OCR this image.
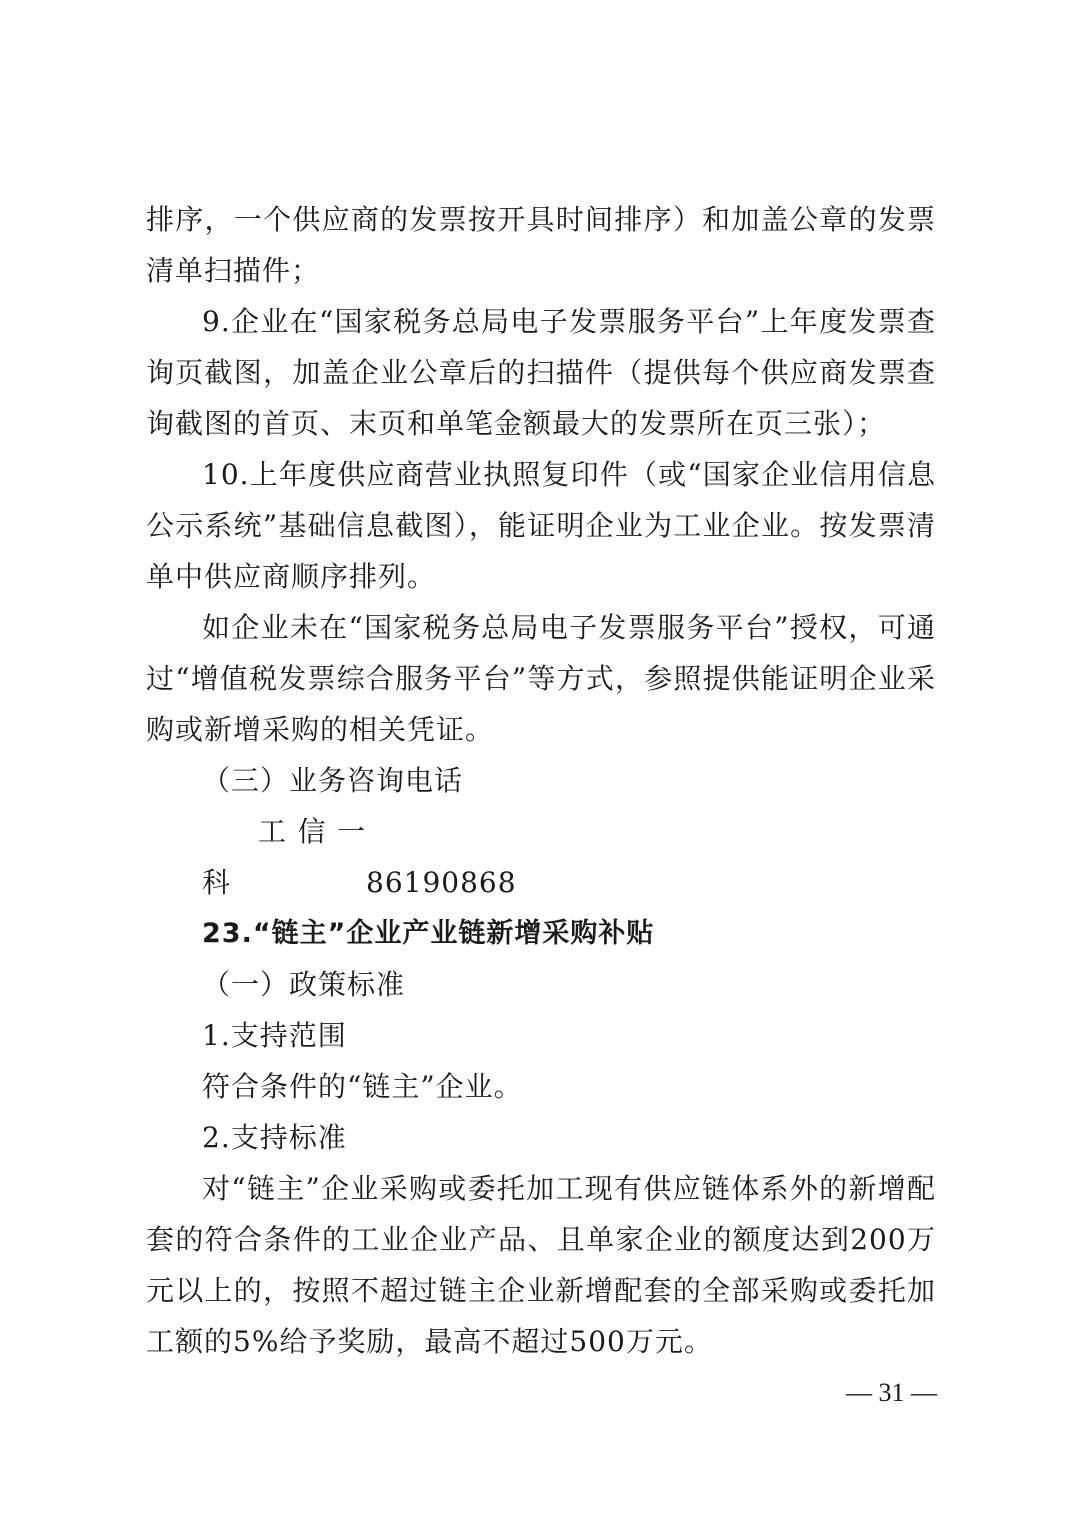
排序，一个供应商的发票按开具时间排序）和加盖公章的发票清单扫描件；

9.企业在“国家税务总局电子发票服务平台”上年度发票查询页截图，加盖企业公章后的扫描件（提供每个供应商发票查询截图的首页、末页和单笔金额最大的发票所在页三张）；

10.上年度供应商营业执照复印件（或“国家企业信用信息公示系统”基础信息截图），能证明企业为工业企业。按发票清单中供应商顺序排列。

如企业未在“国家税务总局电子发票服务平台”授权，可通过“增值税发票综合服务平台”等方式，参照提供能证明企业采购或新增采购的相关凭证。

（三）业务咨询电话

工信一科	86190868

23.“链主”企业产业链新增采购补贴

（一）政策标准

1.支持范围

符合条件的“链主”企业。

2.支持标准

对“链主”企业采购或委托加工现有供应链体系外的新增配套的符合条件的工业企业产品、且单家企业的额度达到200万元以上的，按照不超过链主企业新增配套的全部采购或委托加工额的5%给予奖励，最高不超过500万元。

— 31 —
